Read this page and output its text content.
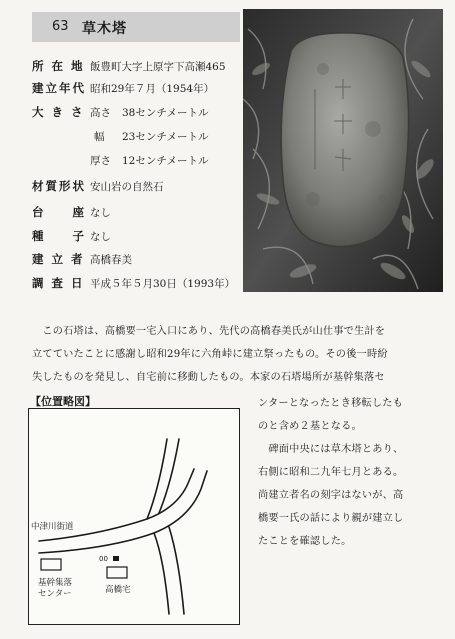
63 草木塔
所 在 地 飯豊町大字上原字下高瀬465
建立年代 昭和29年７月（1954年）
大 き さ 高さ 38センチメートル
幅 23センチメートル
厚さ 12センチメートル
材質形状 安山岩の自然石
台　　座 なし
種　　子 なし
建 立 者 高橋春美
調 査 日 平成５年５月30日（1993年）
　この石塔は、高橋要一宅入口にあり、先代の高橋春美氏が山仕事で生計を
立てていたことに感謝し昭和29年に六角峠に建立祭ったもの。その後一時紛
失したものを発見し、自宅前に移動したもの。本家の石塔場所が基幹集落セ
ンターとなったとき移転したも
のと含め２基となる。
　碑面中央には草木塔とあり、
右側に昭和二九年七月とある。
尚建立者名の刻字はないが、高
橋要一氏の話により親が建立し
たことを確認した。
【位置略図】
00
中津川街道
基幹集落
センター	高橋宅
